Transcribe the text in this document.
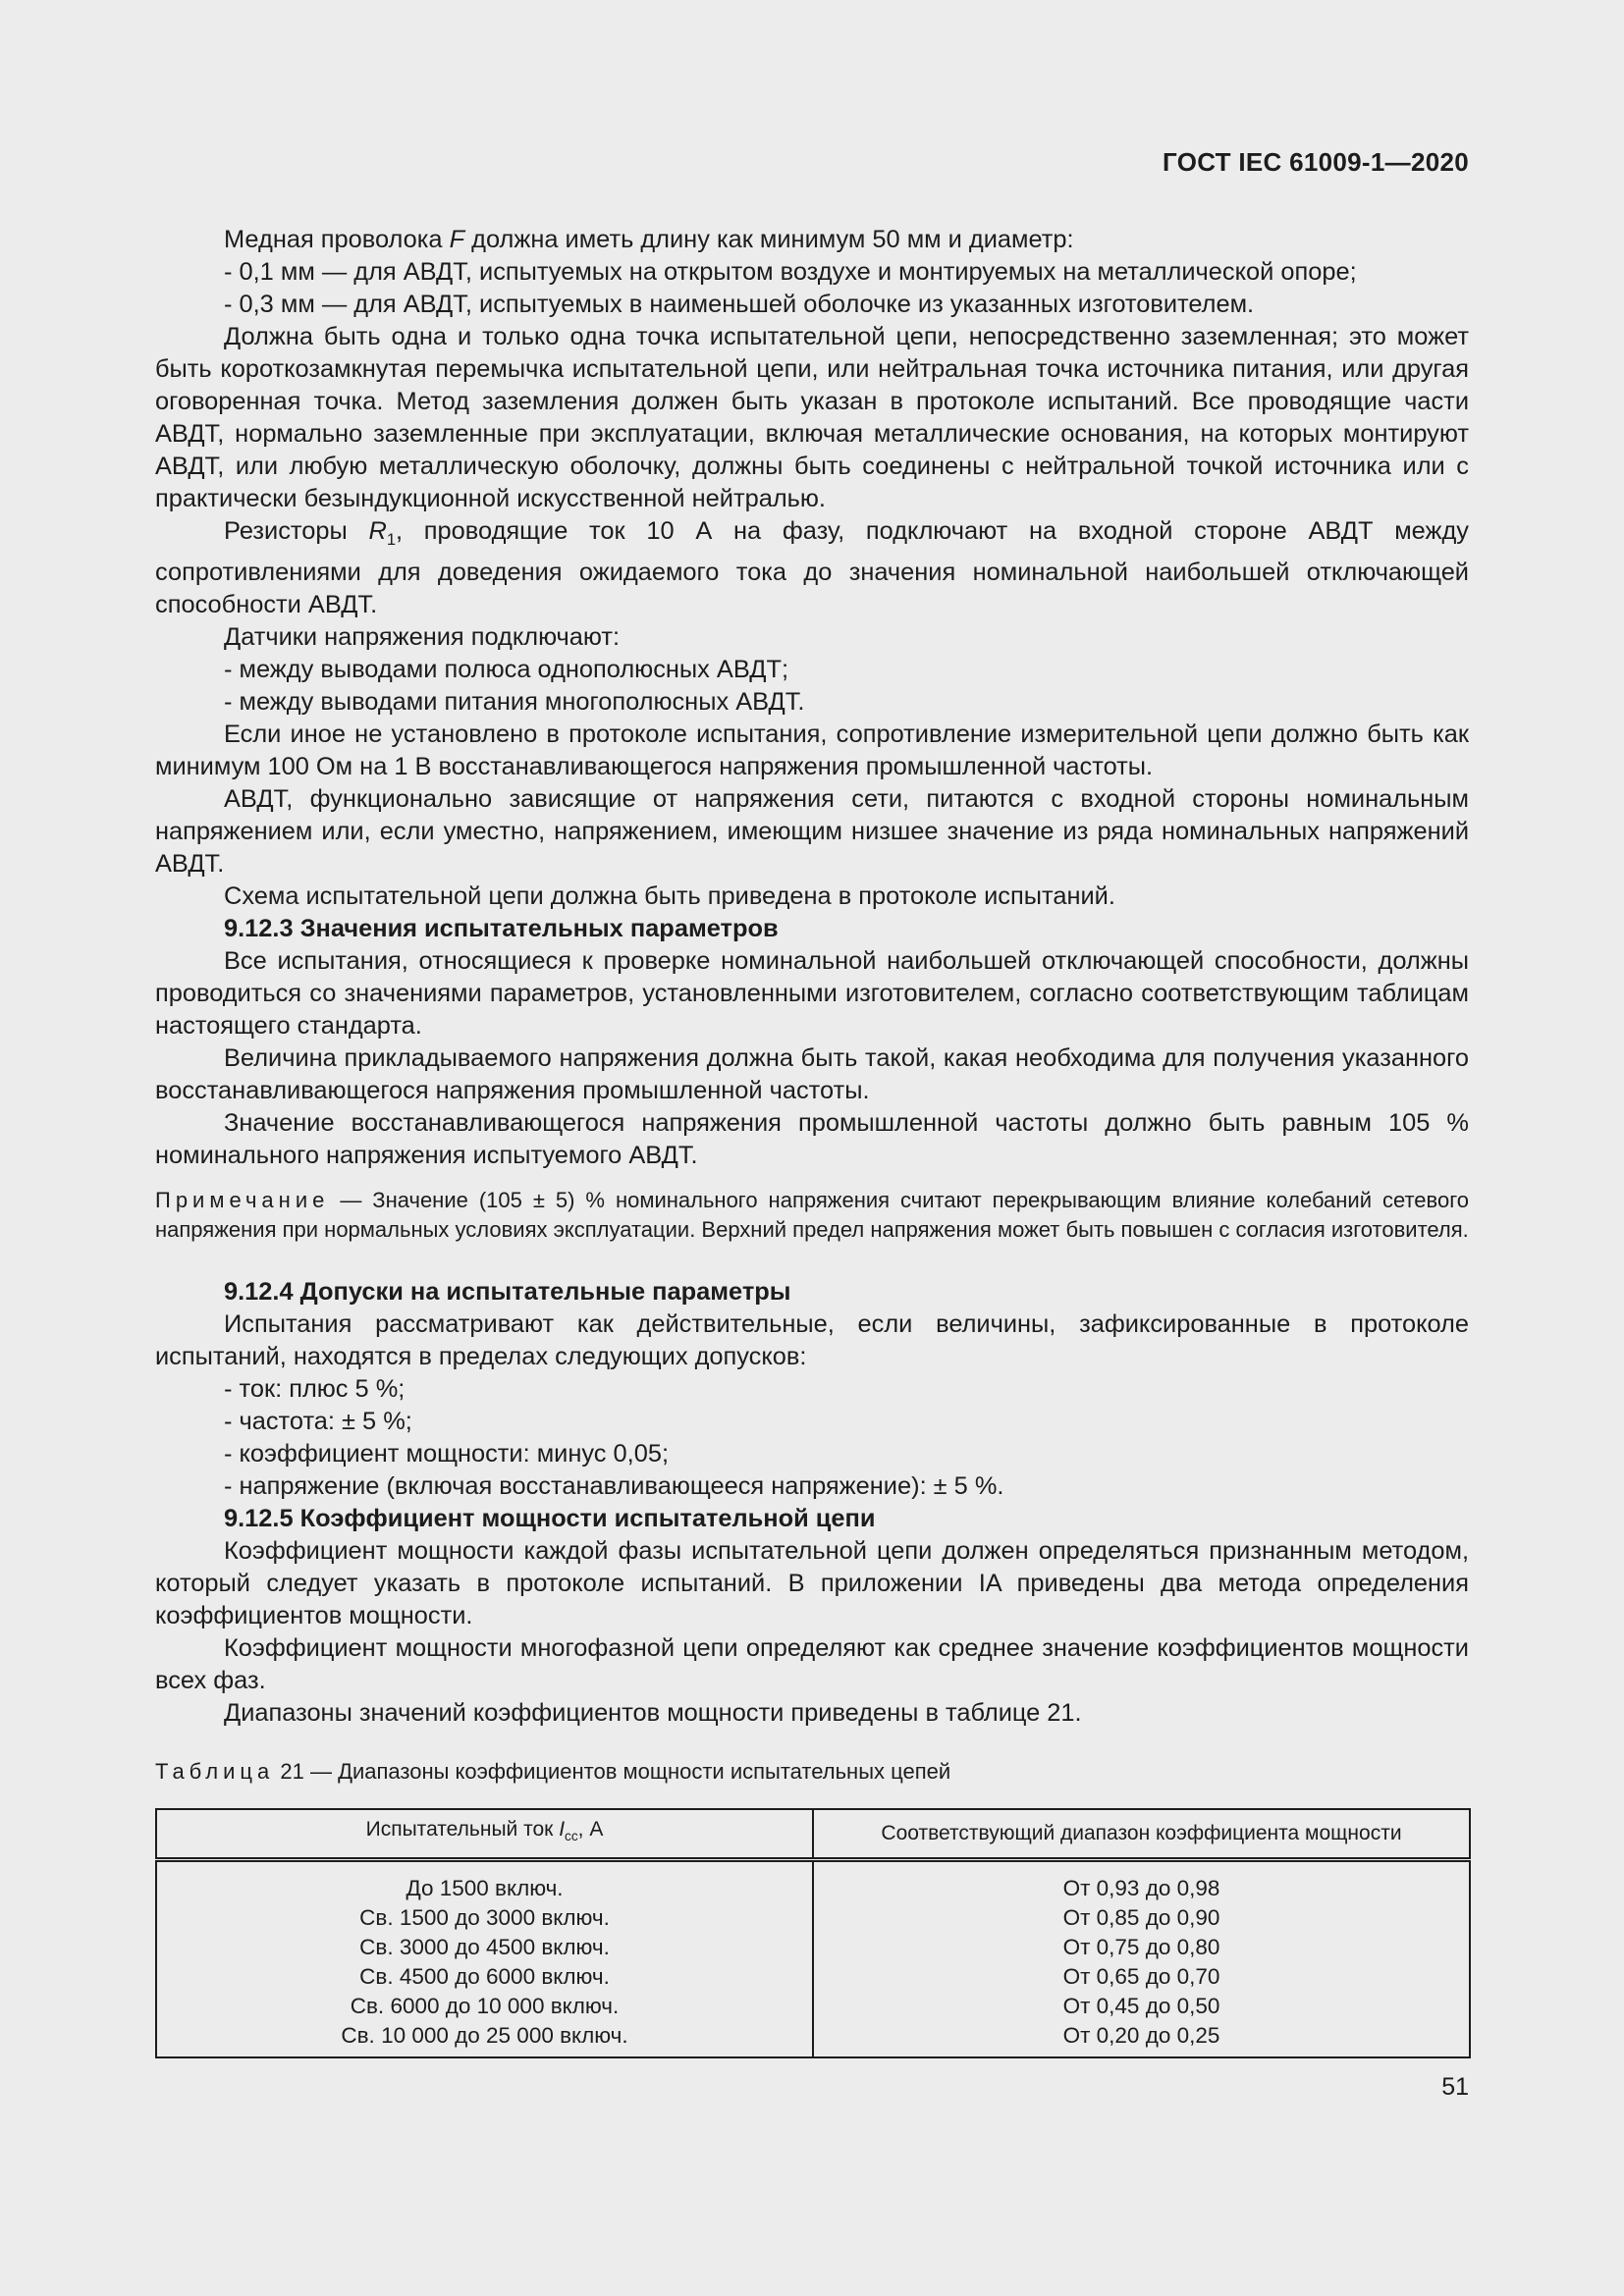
ГОСТ IEC 61009-1—2020

Медная проволока F должна иметь длину как минимум 50 мм и диаметр:

- 0,1 мм — для АВДТ, испытуемых на открытом воздухе и монтируемых на металлической опоре;

- 0,3 мм — для АВДТ, испытуемых в наименьшей оболочке из указанных изготовителем.

Должна быть одна и только одна точка испытательной цепи, непосредственно заземленная; это может быть короткозамкнутая перемычка испытательной цепи, или нейтральная точка источника питания, или другая оговоренная точка. Метод заземления должен быть указан в протоколе испытаний. Все проводящие части АВДТ, нормально заземленные при эксплуатации, включая металлические основания, на которых монтируют АВДТ, или любую металлическую оболочку, должны быть соединены с нейтральной точкой источника или с практически безындукционной искусственной нейтралью.

Резисторы $R_1$, проводящие ток 10 А на фазу, подключают на входной стороне АВДТ между сопротивлениями для доведения ожидаемого тока до значения номинальной наибольшей отключающей способности АВДТ.

Датчики напряжения подключают:

- между выводами полюса однополюсных АВДТ;

- между выводами питания многополюсных АВДТ.

Если иное не установлено в протоколе испытания, сопротивление измерительной цепи должно быть как минимум 100 Ом на 1 В восстанавливающегося напряжения промышленной частоты.

АВДТ, функционально зависящие от напряжения сети, питаются с входной стороны номинальным напряжением или, если уместно, напряжением, имеющим низшее значение из ряда номинальных напряжений АВДТ.

Схема испытательной цепи должна быть приведена в протоколе испытаний.

9.12.3 Значения испытательных параметров

Все испытания, относящиеся к проверке номинальной наибольшей отключающей способности, должны проводиться со значениями параметров, установленными изготовителем, согласно соответствующим таблицам настоящего стандарта.

Величина прикладываемого напряжения должна быть такой, какая необходима для получения указанного восстанавливающегося напряжения промышленной частоты.

Значение восстанавливающегося напряжения промышленной частоты должно быть равным 105 % номинального напряжения испытуемого АВДТ.

Примечание — Значение (105 ± 5) % номинального напряжения считают перекрывающим влияние колебаний сетевого напряжения при нормальных условиях эксплуатации. Верхний предел напряжения может быть повышен с согласия изготовителя.

9.12.4 Допуски на испытательные параметры

Испытания рассматривают как действительные, если величины, зафиксированные в протоколе испытаний, находятся в пределах следующих допусков:

- ток: плюс 5 %;

- частота: ± 5 %;

- коэффициент мощности: минус 0,05;

- напряжение (включая восстанавливающееся напряжение): ± 5 %.

9.12.5 Коэффициент мощности испытательной цепи

Коэффициент мощности каждой фазы испытательной цепи должен определяться признанным методом, который следует указать в протоколе испытаний. В приложении IA приведены два метода определения коэффициентов мощности.

Коэффициент мощности многофазной цепи определяют как среднее значение коэффициентов мощности всех фаз.

Диапазоны значений коэффициентов мощности приведены в таблице 21.

Таблица 21 — Диапазоны коэффициентов мощности испытательных цепей
Испытательный ток $I_{cc}$, А	Соответствующий диапазон коэффициента мощности
До 1500 включ.	От 0,93 до 0,98
Св. 1500 до 3000 включ.	От 0,85 до 0,90
Св. 3000 до 4500 включ.	От 0,75 до 0,80
Св. 4500 до 6000 включ.	От 0,65 до 0,70
Св. 6000 до 10 000 включ.	От 0,45 до 0,50
Св. 10 000 до 25 000 включ.	От 0,20 до 0,25
51
